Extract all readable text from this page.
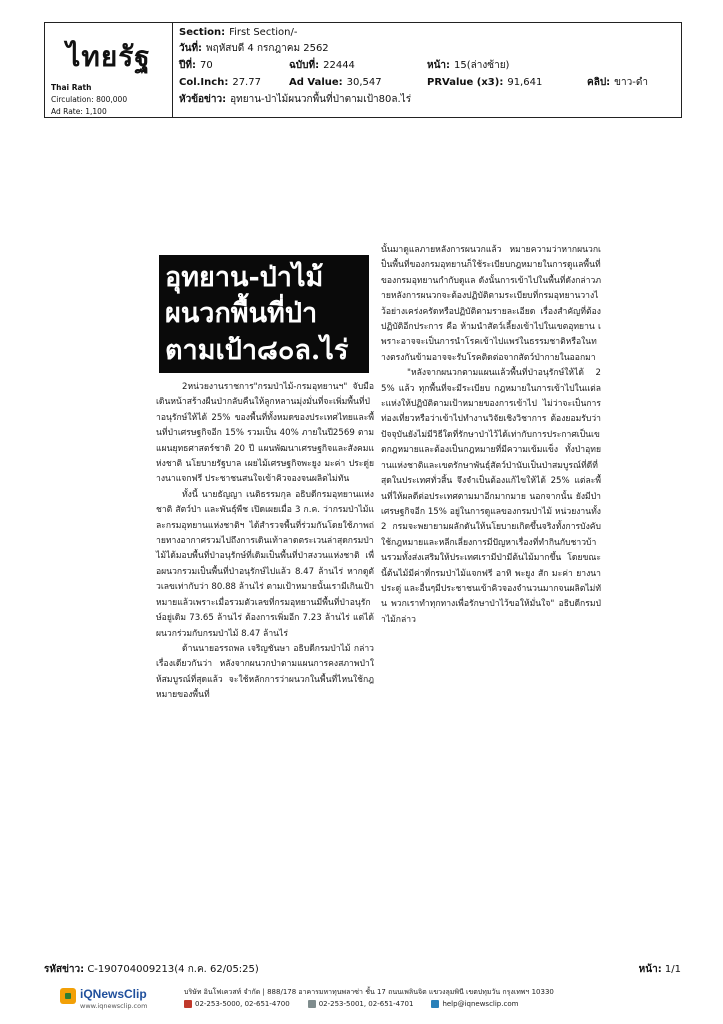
ไทยรัฐ
Thai Rath
Circulation: 800,000
Ad Rate: 1,100
Section: First Section/-
วันที่: พฤหัสบดี 4 กรกฎาคม 2562
ปีที่: 70	ฉบับที่: 22444	หน้า: 15(ล่างซ้าย)
Col.Inch: 27.77	Ad Value: 30,547	PRValue (x3): 91,641	คลิป: ขาว-ดำ
หัวข้อข่าว: อุทยาน-ป่าไม้ผนวกพื้นที่ป่าตามเป้า80ล.ไร่
อุทยาน-ป่าไม้
ผนวกพื้นที่ป่า
ตามเป้า๘๐ล.ไร่

2หน่วยงานราชการ"กรมป่าไม้-กรมอุทยานฯ" จับมือเดินหน้าสร้างผืนป่ากลับคืนให้ลูกหลานมุ่งมั่นที่จะเพิ่มพื้นที่ป่าอนุรักษ์ให้ได้ 25% ของพื้นที่ทั้งหมดของประเทศไทยและพื้นที่ป่าเศรษฐกิจอีก 15% รวมเป็น 40% ภายในปี2569 ตามแผนยุทธศาสตร์ชาติ 20 ปี แผนพัฒนาเศรษฐกิจและสังคมแห่งชาติ นโยบายรัฐบาล เผยไม้เศรษฐกิจพะยูง มะค่า ประดู่ยางนาแจกฟรี ประชาชนสนใจเข้าคิวจองจนผลิตไม่ทัน

ทั้งนี้ นายธัญญา เนติธรรมกุล อธิบดีกรมอุทยานแห่งชาติ สัตว์ป่า และพันธุ์พืช เปิดเผยเมื่อ 3 ก.ค. ว่ากรมป่าไม้และกรมอุทยานแห่งชาติฯ ได้สำรวจพื้นที่ร่วมกันโดยใช้ภาพถ่ายทางอากาศรวมไปถึงการเดินเท้าลาดตระเวนล่าสุดกรมป่าไม้ได้มอบพื้นที่ป่าอนุรักษ์ที่เดิมเป็นพื้นที่ป่าสงวนแห่งชาติ เพื่อผนวกรวมเป็นพื้นที่ป่าอนุรักษ์ไปแล้ว 8.47 ล้านไร่ หากดูตัวเลขเท่ากับว่า 80.88 ล้านไร่ ตามเป้าหมายนั้นเรามีเกินเป้าหมายแล้วเพราะเมื่อรวมตัวเลขที่กรมอุทยานมีพื้นที่ป่าอนุรักษ์อยู่เดิม 73.65 ล้านไร่ ต้องการเพิ่มอีก 7.23 ล้านไร่ แต่ได้ผนวกร่วมกับกรมป่าไม้ 8.47 ล้านไร่

ด้านนายอรรถพล เจริญชันษา อธิบดีกรมป่าไม้ กล่าวเรื่องเดียวกันว่า หลังจากผนวกป่าตามแผนการคงสภาพป่าให้สมบูรณ์ที่สุดแล้ว จะใช้หลักการว่าผนวกในพื้นที่ไหนใช้กฎหมายของพื้นที่

นั้นมาดูแลภายหลังการผนวกแล้ว หมายความว่าหากผนวกเป็นพื้นที่ของกรมอุทยานก็ใช้ระเบียบกฎหมายในการดูแลพื้นที่ของกรมอุทยานกำกับดูแล ดังนั้นการเข้าไปในพื้นที่ดังกล่าวภายหลังการผนวกจะต้องปฏิบัติตามระเบียบที่กรมอุทยานวางไว้อย่างเคร่งครัดหรือปฏิบัติตามรายละเอียด เรื่องสำคัญที่ต้องปฏิบัติอีกประการ คือ ห้ามนำสัตว์เลี้ยงเข้าไปในเขตอุทยาน เพราะอาจจะเป็นการนำโรคเข้าไปแพร่ในธรรมชาติหรือในทางตรงกันข้ามอาจจะรับโรคติดต่อจากสัตว์ป่ากายในออกมา

"หลังจากผนวกตามแผนแล้วพื้นที่ป่าอนุรักษ์ให้ได้ 25% แล้ว ทุกพื้นที่จะมีระเบียบ กฎหมายในการเข้าไปในแต่ละแห่งให้ปฏิบัติตามเป้าหมายของการเข้าไป ไม่ว่าจะเป็นการท่องเที่ยวหรือว่าเข้าไปทำงานวิจัยเชิงวิชาการ ต้องยอมรับว่าปัจจุบันยังไม่มีวิธีใดที่รักษาป่าไว้ได้เท่ากับการประกาศเป็นเขตกฎหมายและต้องเป็นกฎหมายที่มีความเข้มแข็ง ทั้งป่าอุทยานแห่งชาติและเขตรักษาพันธุ์สัตว์ป่านับเป็นป่าสมบูรณ์ที่ดีที่สุดในประเทศทั่วสิ้น จึงจำเป็นต้องแก้ไขให้ได้ 25% แต่ละพื้นที่ให้ผลดีต่อประเทศตามมาอีกมากมาย นอกจากนั้น ยังมีป่าเศรษฐกิจอีก 15% อยู่ในการดูแลของกรมป่าไม้ หน่วยงานทั้ง 2 กรมจะพยายามผลักดันให้นโยบายเกิดขึ้นจริงทั้งการบังคับใช้กฎหมายและหลีกเลี่ยงการมีปัญหาเรื่องที่ทำกินกับชาวบ้านรวมทั้งส่งเสริมให้ประเทศเรามีป่ามีต้นไม้มากขึ้น โดยขณะนี้ต้นไม้มีค่าที่กรมป่าไม้แจกฟรี อาทิ พะยูง สัก มะค่า ยางนา ประดู่ และอื่นๆมีประชาชนเข้าคิวจองจำนวนมากจนผลิตไม่ทัน พวกเราทำทุกทางเพื่อรักษาป่าไว้ขอให้มั่นใจ" อธิบดีกรมป่าไม้กล่าว

รหัสข่าว: C-190704009213(4 ก.ค. 62/05:25)	หน้า: 1/1
iQNewsClip
www.iqnewsclip.com
บริษัท อินโฟเควสท์ จำกัด | 888/178 อาคารมหาทุนพลาซ่า ชั้น 17 ถนนเพลินจิต แขวงลุมพินี เขตปทุมวัน กรุงเทพฯ 10330
02-253-5000, 02-651-4700	02-253-5001, 02-651-4701	help@iqnewsclip.com
